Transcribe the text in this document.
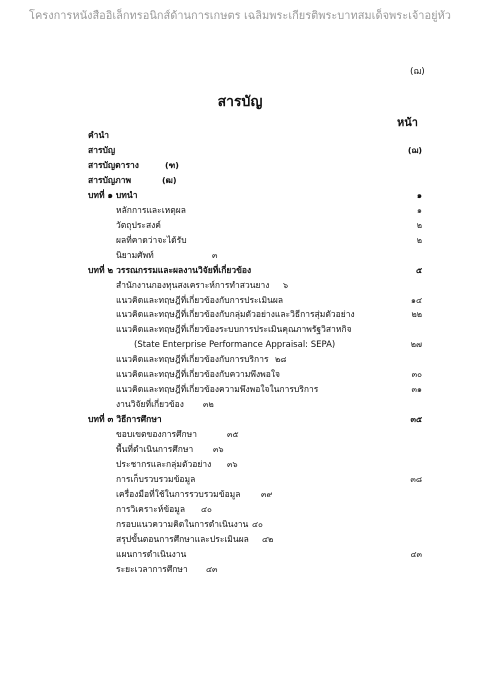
โครงการหนังสืออิเล็กทรอนิกส์ด้านการเกษตร เฉลิมพระเกียรติพระบาทสมเด็จพระเจ้าอยู่หัว
(ฌ)
สารบัญ
หน้า
คำนำ
สารบัญ	(ฌ)
สารบัญตาราง	(ฑ)
สารบัญภาพ	(ฒ)
บทที่ ๑ บทนำ	๑
หลักการและเหตุผล	๑
วัตถุประสงค์	๒
ผลที่คาดว่าจะได้รับ	๒
นิยามศัพท์	๓
บทที่ ๒ วรรณกรรมและผลงานวิจัยที่เกี่ยวข้อง	๕
สำนักงานกองทุนสงเคราะห์การทำสวนยาง ๖
แนวคิดและทฤษฎีที่เกี่ยวข้องกับการประเมินผล	๑๔
แนวคิดและทฤษฎีที่เกี่ยวข้องกับกลุ่มตัวอย่างและวิธีการสุ่มตัวอย่าง	๒๒
แนวคิดและทฤษฎีที่เกี่ยวข้องระบบการประเมินคุณภาพรัฐวิสาหกิจ
(State Enterprise Performance Appraisal: SEPA)	๒๗
แนวคิดและทฤษฎีที่เกี่ยวข้องกับการบริการ ๒๘
แนวคิดและทฤษฎีที่เกี่ยวข้องกับความพึงพอใจ	๓๐
แนวคิดและทฤษฎีที่เกี่ยวข้องความพึงพอใจในการบริการ	๓๑
งานวิจัยที่เกี่ยวข้อง ๓๒
บทที่ ๓ วิธีการศึกษา	๓๕
ขอบเขตของการศึกษา	๓๕
พื้นที่ดำเนินการศึกษา ๓๖
ประชากรและกลุ่มตัวอย่าง ๓๖
การเก็บรวบรวมข้อมูล	๓๘
เครื่องมือที่ใช้ในการรวบรวมข้อมูล	๓๙
การวิเคราะห์ข้อมูล ๔๐
กรอบแนวความคิดในการดำเนินงาน ๔๐
สรุปขั้นตอนการศึกษาและประเมินผล ๔๒
แผนการดำเนินงาน	๔๓
ระยะเวลาการศึกษา ๔๓
